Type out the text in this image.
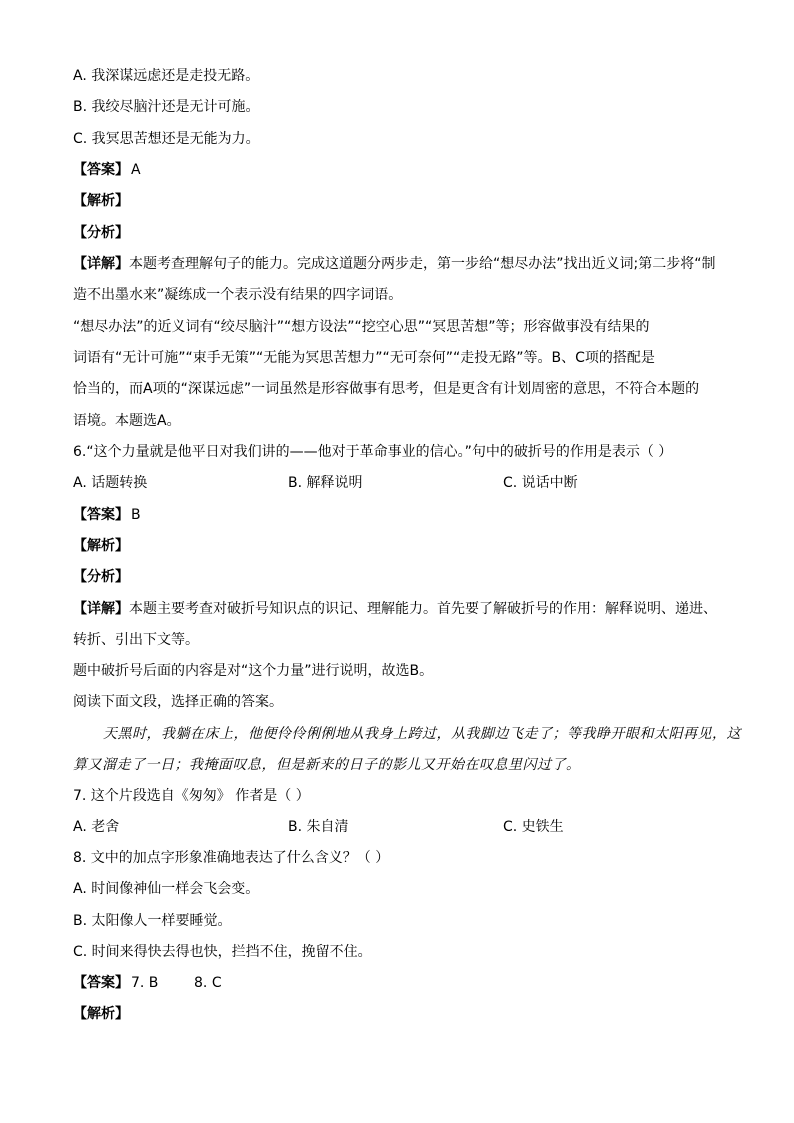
A. 我深谋远虑还是走投无路。
B. 我绞尽脑汁还是无计可施。
C. 我冥思苦想还是无能为力。
【答案】 A
【解析】
【分析】
【详解】本题考查理解句子的能力。完成这道题分两步走，第一步给“想尽办法”找出近义词;第二步将“制
造不出墨水来”凝练成一个表示没有结果的四字词语。
“想尽办法”的近义词有“绞尽脑汁”“想方设法”“挖空心思”“冥思苦想”等；形容做事没有结果的
词语有“无计可施”“束手无策”“无能为冥思苦想力”“无可奈何”“走投无路”等。B、C项的搭配是
恰当的，而A项的“深谋远虑”一词虽然是形容做事有思考，但是更含有计划周密的意思，不符合本题的
语境。本题选A。
6.“这个力量就是他平日对我们讲的——他对于革命事业的信心。”句中的破折号的作用是表示（ ）
A. 话题转换	B. 解释说明	C. 说话中断
【答案】 B
【解析】
【分析】
【详解】本题主要考查对破折号知识点的识记、理解能力。首先要了解破折号的作用：解释说明、递进、
转折、引出下文等。
题中破折号后面的内容是对“这个力量”进行说明，故选B。
阅读下面文段，选择正确的答案。
天黑时，我躺在床上，他便伶伶俐俐地从我身上跨过，从我脚边飞走了；等我睁开眼和太阳再见，这
算又溜走了一日；我掩面叹息，但是新来的日子的影儿又开始在叹息里闪过了。
7. 这个片段选自《匆匆》 作者是（ ）
A. 老舍	B. 朱自清	C. 史铁生
8. 文中的加点字形象准确地表达了什么含义？（ ）
A. 时间像神仙一样会飞会变。
B. 太阳像人一样要睡觉。
C. 时间来得快去得也快，拦挡不住，挽留不住。
【答案】 7. B        8. C
【解析】
